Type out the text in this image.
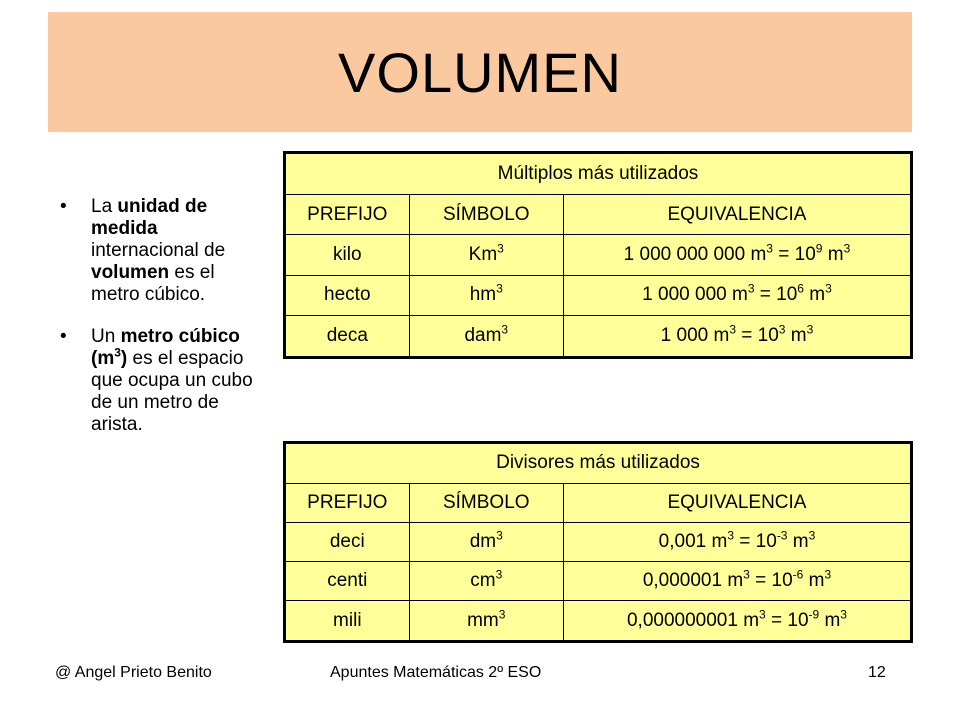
VOLUMEN
• La unidad de medida internacional de volumen es el metro cúbico.
• Un metro cúbico $(m^3)$ es el espacio que ocupa un cubo de un metro de arista.
Múltiplos más utilizados		
PREFIJO	SÍMBOLO	EQUIVALENCIA
kilo	Km$^3$	1 000 000 000 $m^3 = 10^9$ $m^3$
hecto	$hm^3$	1 000 000 $m^3 = 10^6$ $m^3$
deca	dam$^3$	1 000 $m^3 = 10^3$ $m^3$
Divisores más utilizados		
PREFIJO	SÍMBOLO	EQUIVALENCIA
deci	$dm^3$	0,001 $m^3 = 10^{-3}$ $m^3$
centi	$cm^3$	0,000001 $m^3 = 10^{-6}$ $m^3$
mili	$mm^3$	0,000000001 $m^3 = 10^{-9}$ $m^3$
@ Angel Prieto Benito	Apuntes Matemáticas 2º ESO	12
